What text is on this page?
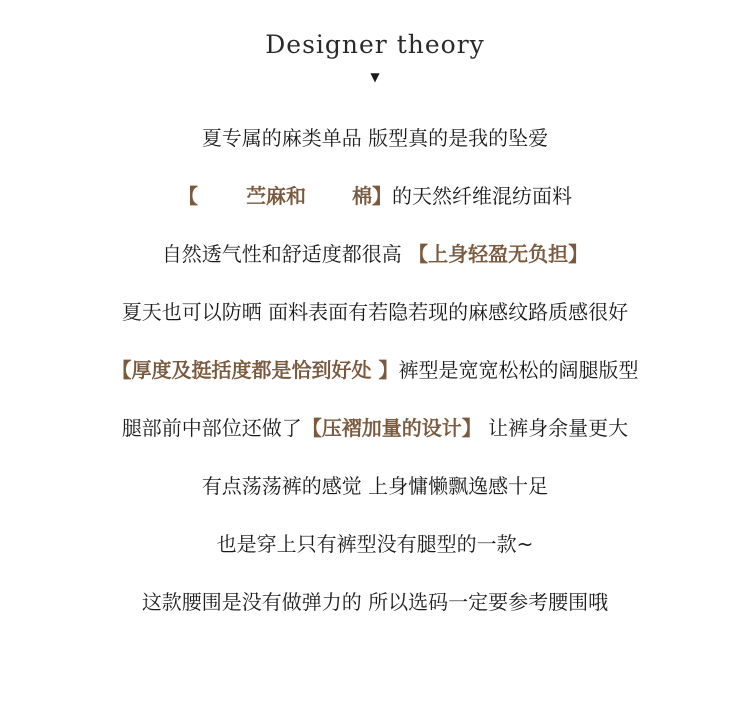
Designer theory
▼
夏专属的麻类单品 版型真的是我的坠爱
【 苎麻和 棉】的天然纤维混纺面料
自然透气性和舒适度都很高 【上身轻盈无负担】
夏天也可以防晒 面料表面有若隐若现的麻感纹路质感很好
【厚度及挺括度都是恰到好处 】裤型是宽宽松松的阔腿版型
腿部前中部位还做了【压褶加量的设计】 让裤身余量更大
有点荡荡裤的感觉 上身慵懒飘逸感十足
也是穿上只有裤型没有腿型的一款~
这款腰围是没有做弹力的 所以选码一定要参考腰围哦
